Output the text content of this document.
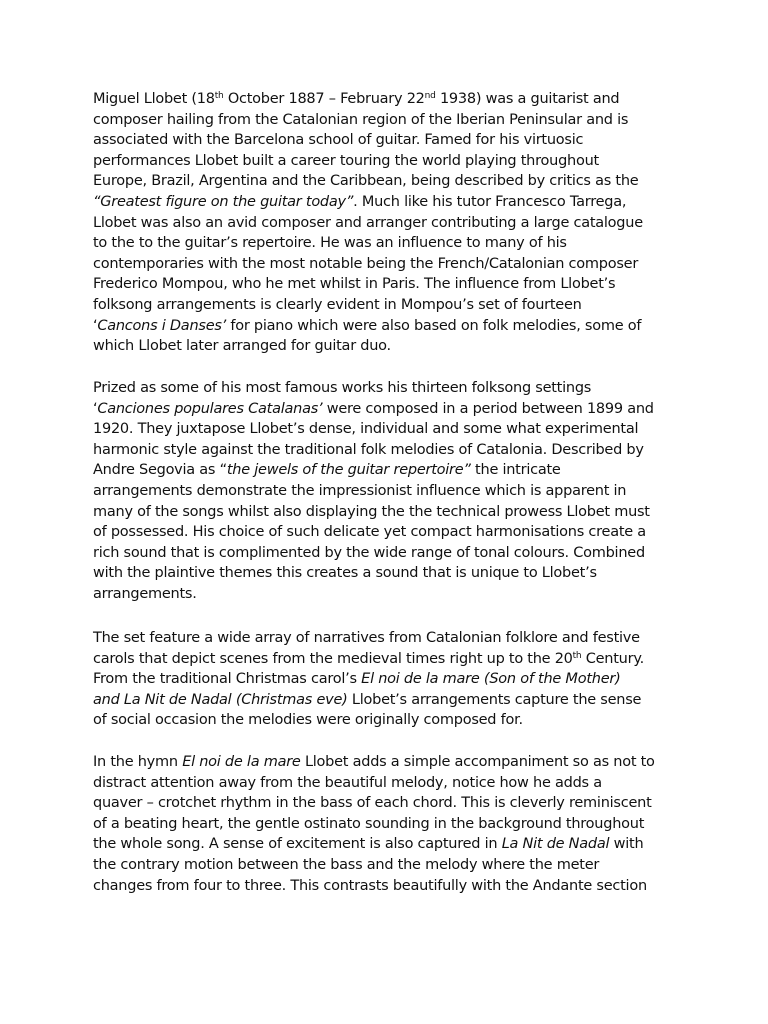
Miguel Llobet (18th October 1887 – February 22nd 1938) was a guitarist and
composer hailing from the Catalonian region of the Iberian Peninsular and is
associated with the Barcelona school of guitar. Famed for his virtuosic
performances Llobet built a career touring the world playing throughout
Europe, Brazil, Argentina and the Caribbean, being described by critics as the
“Greatest figure on the guitar today”. Much like his tutor Francesco Tarrega,
Llobet was also an avid composer and arranger contributing a large catalogue
to the to the guitar’s repertoire. He was an influence to many of his
contemporaries with the most notable being the French/Catalonian composer
Frederico Mompou, who he met whilst in Paris. The influence from Llobet’s
folksong arrangements is clearly evident in Mompou’s set of fourteen
‘Cancons i Danses’ for piano which were also based on folk melodies, some of
which Llobet later arranged for guitar duo.

Prized as some of his most famous works his thirteen folksong settings
‘Canciones populares Catalanas’ were composed in a period between 1899 and
1920. They juxtapose Llobet’s dense, individual and some what experimental
harmonic style against the traditional folk melodies of Catalonia. Described by
Andre Segovia as “the jewels of the guitar repertoire” the intricate
arrangements demonstrate the impressionist influence which is apparent in
many of the songs whilst also displaying the the technical prowess Llobet must
of possessed. His choice of such delicate yet compact harmonisations create a
rich sound that is complimented by the wide range of tonal colours. Combined
with the plaintive themes this creates a sound that is unique to Llobet’s
arrangements.

The set feature a wide array of narratives from Catalonian folklore and festive
carols that depict scenes from the medieval times right up to the 20th Century.
From the traditional Christmas carol’s El noi de la mare (Son of the Mother)
and La Nit de Nadal (Christmas eve) Llobet’s arrangements capture the sense
of social occasion the melodies were originally composed for.

In the hymn El noi de la mare Llobet adds a simple accompaniment so as not to
distract attention away from the beautiful melody, notice how he adds a
quaver – crotchet rhythm in the bass of each chord. This is cleverly reminiscent
of a beating heart, the gentle ostinato sounding in the background throughout
the whole song. A sense of excitement is also captured in La Nit de Nadal with
the contrary motion between the bass and the melody where the meter
changes from four to three. This contrasts beautifully with the Andante section
